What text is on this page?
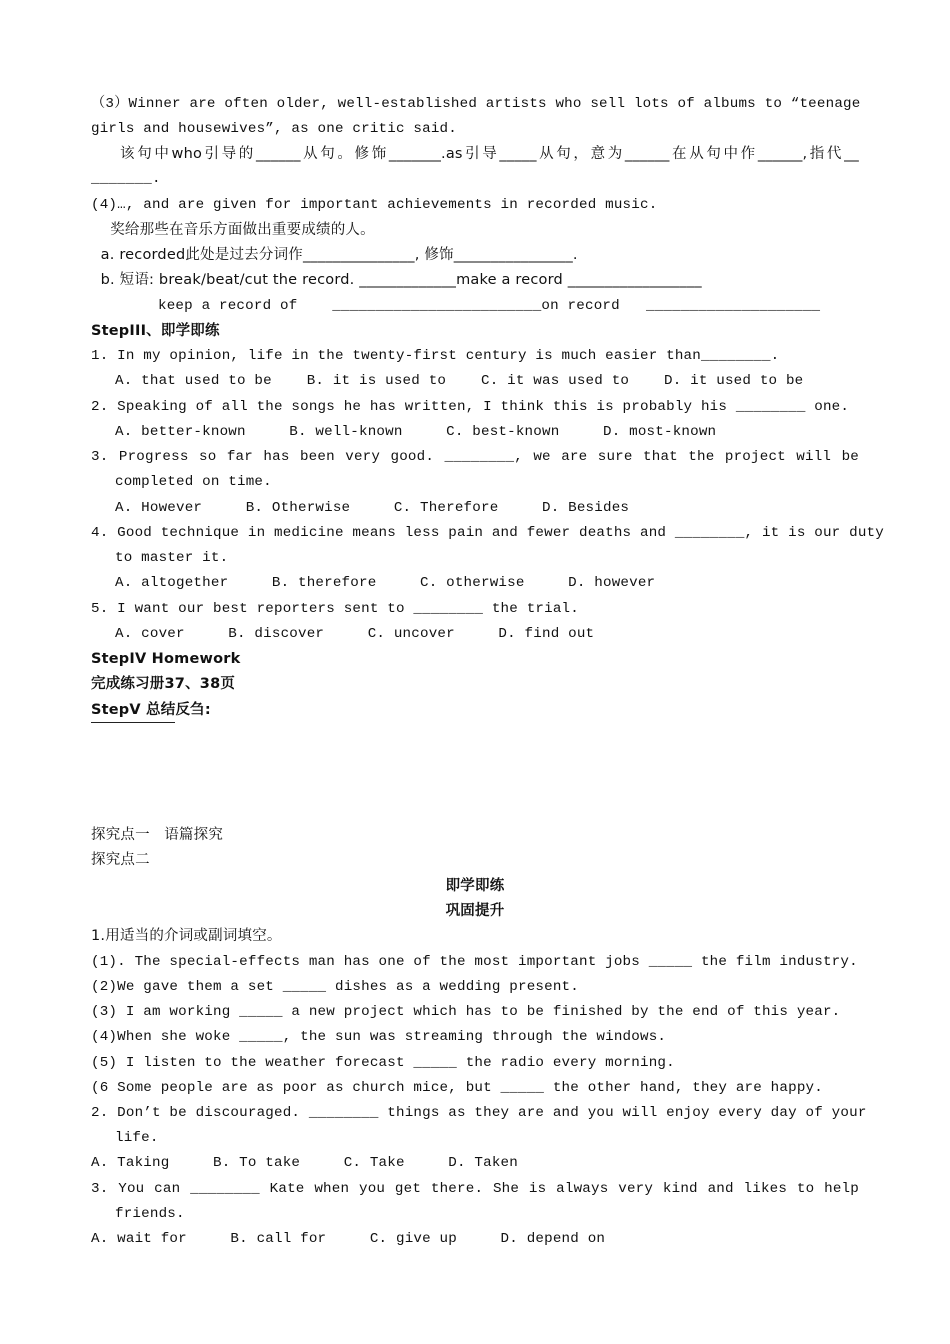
（3）Winner are often older, well-established artists who sell lots of albums to “teenage
girls and housewives”, as one critic said.
该句中who引导的______从句。修饰_______.as引导_____从句，意为______在从句中作______,指代__
_______.
(4)…, and are given for important achievements in recorded music.
奖给那些在音乐方面做出重要成绩的人。
a. recorded此处是过去分词作_______________, 修饰________________.
b. 短语: break/beat/cut the record. _____________make a record __________________
keep a record of    ________________________on record   ____________________
StepIII、即学即练
1. In my opinion, life in the twenty-first century is much easier than________.
A. that used to be    B. it is used to    C. it was used to    D. it used to be
2. Speaking of all the songs he has written, I think this is probably his ________ one.
A. better-known     B. well-known     C. best-known     D. most-known
3. Progress so far has been very good. ________, we are sure that the project will be
completed on time.
A. However     B. Otherwise     C. Therefore     D. Besides
4. Good technique in medicine means less pain and fewer deaths and ________, it is our duty
to master it.
A. altogether     B. therefore     C. otherwise     D. however
5. I want our best reporters sent to ________ the trial.
A. cover     B. discover     C. uncover     D. find out
StepIV Homework
完成练习册37、38页
StepV 总结反刍:
探究点一   语篇探究
探究点二
即学即练
巩固提升
1.用适当的介词或副词填空。
(1). The special-effects man has one of the most important jobs _____ the film industry.
(2)We gave them a set _____ dishes as a wedding present.
(3) I am working _____ a new project which has to be finished by the end of this year.
(4)When she woke _____, the sun was streaming through the windows.
(5) I listen to the weather forecast _____ the radio every morning.
(6 Some people are as poor as church mice, but _____ the other hand, they are happy.
2. Don’t be discouraged. ________ things as they are and you will enjoy every day of your
life.
A. Taking     B. To take     C. Take     D. Taken
3. You can ________ Kate when you get there. She is always very kind and likes to help
friends.
A. wait for     B. call for     C. give up     D. depend on
